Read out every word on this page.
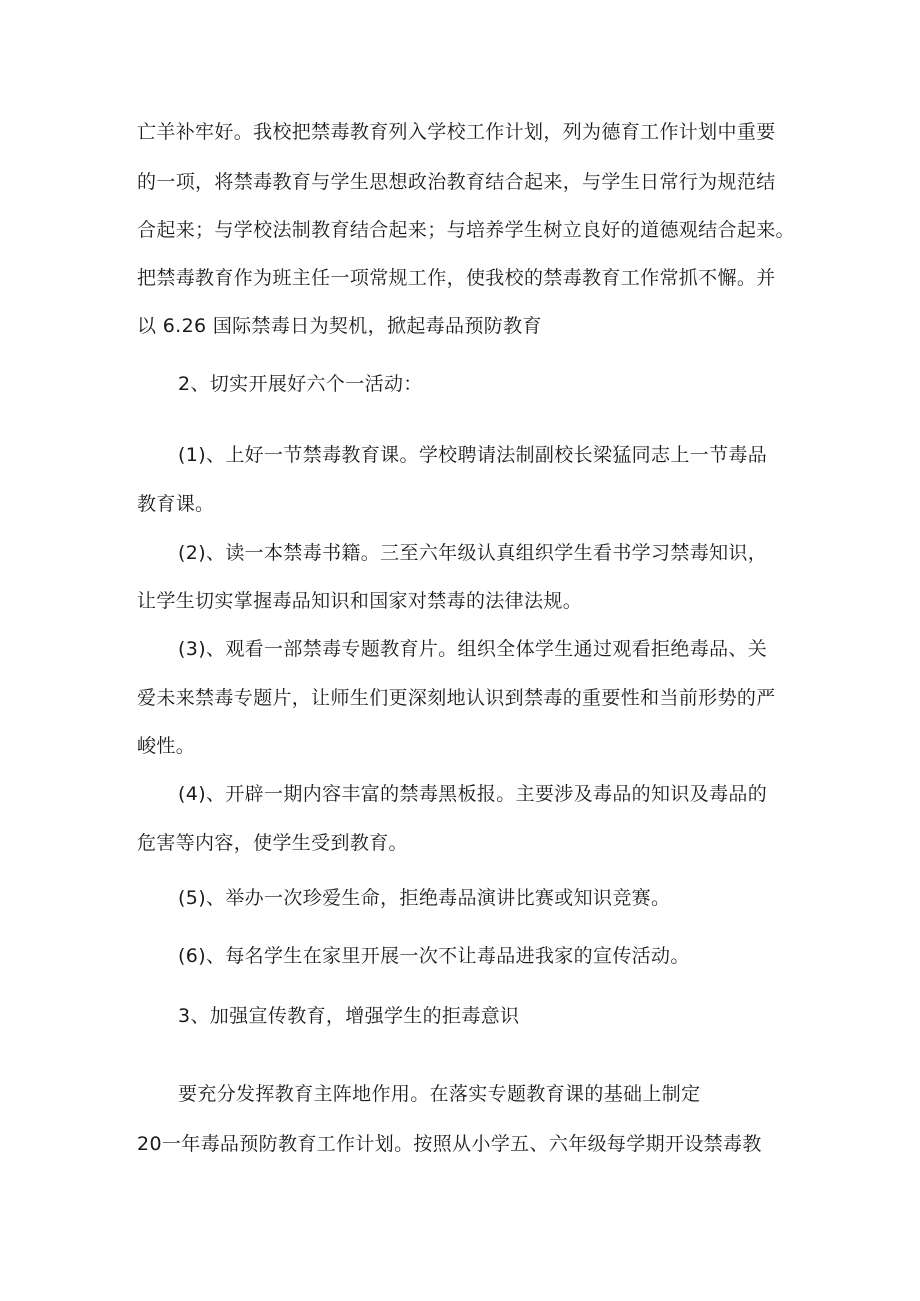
亡羊补牢好。我校把禁毒教育列入学校工作计划，列为德育工作计划中重要

的一项，将禁毒教育与学生思想政治教育结合起来，与学生日常行为规范结

合起来；与学校法制教育结合起来；与培养学生树立良好的道德观结合起来。

把禁毒教育作为班主任一项常规工作，使我校的禁毒教育工作常抓不懈。并

以 6.26 国际禁毒日为契机，掀起毒品预防教育

2、切实开展好六个一活动：

(1)、上好一节禁毒教育课。学校聘请法制副校长梁猛同志上一节毒品

教育课。

(2)、读一本禁毒书籍。三至六年级认真组织学生看书学习禁毒知识，

让学生切实掌握毒品知识和国家对禁毒的法律法规。

(3)、观看一部禁毒专题教育片。组织全体学生通过观看拒绝毒品、关

爱未来禁毒专题片，让师生们更深刻地认识到禁毒的重要性和当前形势的严

峻性。

(4)、开辟一期内容丰富的禁毒黑板报。主要涉及毒品的知识及毒品的

危害等内容，使学生受到教育。

(5)、举办一次珍爱生命，拒绝毒品演讲比赛或知识竞赛。

(6)、每名学生在家里开展一次不让毒品进我家的宣传活动。

3、加强宣传教育，增强学生的拒毒意识

要充分发挥教育主阵地作用。在落实专题教育课的基础上制定

20一年毒品预防教育工作计划。按照从小学五、六年级每学期开设禁毒教
